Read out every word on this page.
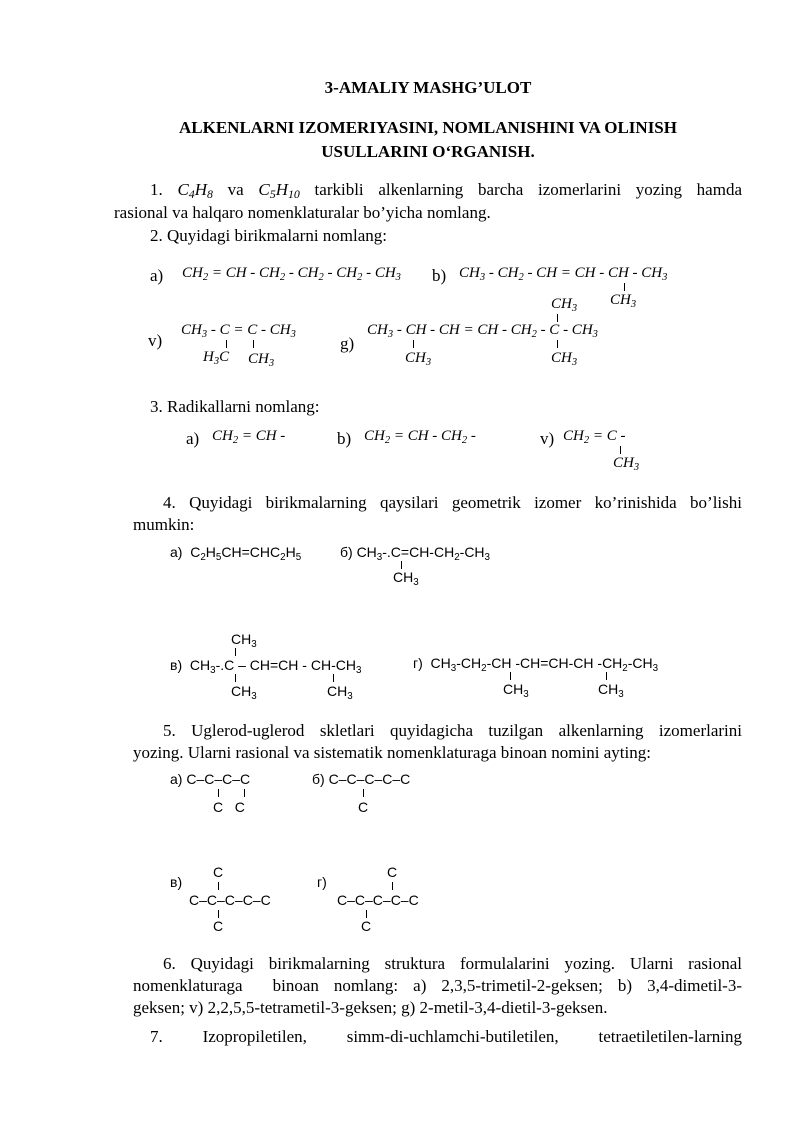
3-AMALIY MASHG’ULOT
ALKENLARNI IZOMERIYASINI, NOMLANISHINI VA OLINISH
USULLARINI O‘RGANISH.
1. $C_4H_8$ va $C_5H_{10}$ tarkibli alkenlarning barcha izomerlarini yozing hamda
rasional va halqaro nomenklaturalar bo’yicha nomlang.
2. Quyidagi birikmalarni nomlang:
a) $CH_2$ = CH - $CH_2 - CH_2 - CH_2 - CH_3$ b) $CH_3 - CH_2$ - CH = CH - CH - $CH_3$
$CH_3$
v)
$CH_3 - C = C - CH_3$
$H_3C$ $CH_3$
g)
$CH_3$
$CH_3$ - CH - CH = CH - $CH_2$ - C - $CH_3$
$CH_3$	$CH_3$
3. Radikallarni nomlang:
a) $CH_2$ = CH -	b) $CH_2$ = CH - $CH_2$ -	v) $CH_2 = C$ -
$CH_3$
4. Quyidagi birikmalarning qaysilari geometrik izomer ko’rinishida bo’lishi
mumkin:
а)  $C_2H_5CH=CHC_2H_5$	б) $CH_3-.C=CH-CH_2-CH_3$
$CH_3$
$CH_3$
в)  $CH_3-.C - CH=CH - CH-CH_3$
$CH_3$	$CH_3$
г)  $CH_3-CH_2-CH$ -CH=CH-CH $-CH_2-CH_3$
$CH_3$	$CH_3$
5. Uglerod-uglerod skletlari quyidagicha tuzilgan alkenlarning izomerlarini
yozing. Ularni rasional va sistematik nomenklaturaga binoan nomini ayting:
а) C–C–C–C
C   C
б) C–C–C–C–C
C
в)
C
C–C–C–C–C
C
г)
C
C–C–C–C–C
C
6. Quyidagi birikmalarning struktura formulalarini yozing. Ularni rasional
nomenklaturaga  binoan nomlang: a) 2,3,5-trimetil-2-geksen; b) 3,4-dimetil-3-
geksen; v) 2,2,5,5-tetrametil-3-geksen; g) 2-metil-3,4-dietil-3-geksen.
7. Izopropiletilen, simm-di-uchlamchi-butiletilen, tetraetiletilen-larning
